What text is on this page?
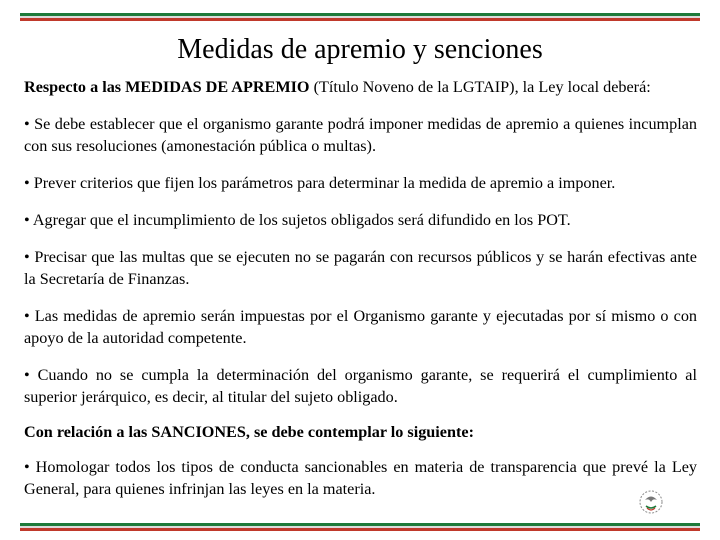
Medidas de apremio y senciones

Respecto a las MEDIDAS DE APREMIO (Título Noveno de la LGTAIP), la Ley local deberá:

• Se debe establecer que el organismo garante podrá imponer medidas de apremio a quienes incumplan con sus resoluciones (amonestación pública o multas).

• Prever criterios que fijen los parámetros para determinar la medida de apremio a imponer.

• Agregar que el incumplimiento de los sujetos obligados será difundido en los POT.

• Precisar que las multas que se ejecuten no se pagarán con recursos públicos y se harán efectivas ante la Secretaría de Finanzas.

• Las medidas de apremio serán impuestas por el Organismo garante y ejecutadas por sí mismo o con apoyo de la autoridad competente.

• Cuando no se cumpla la determinación del organismo garante, se requerirá el cumplimiento al superior jerárquico, es decir, al titular del sujeto obligado.

Con relación a las SANCIONES, se debe contemplar lo siguiente:

• Homologar todos los tipos de conducta sancionables en materia de transparencia que prevé la Ley General, para quienes infrinjan las leyes en la materia.
